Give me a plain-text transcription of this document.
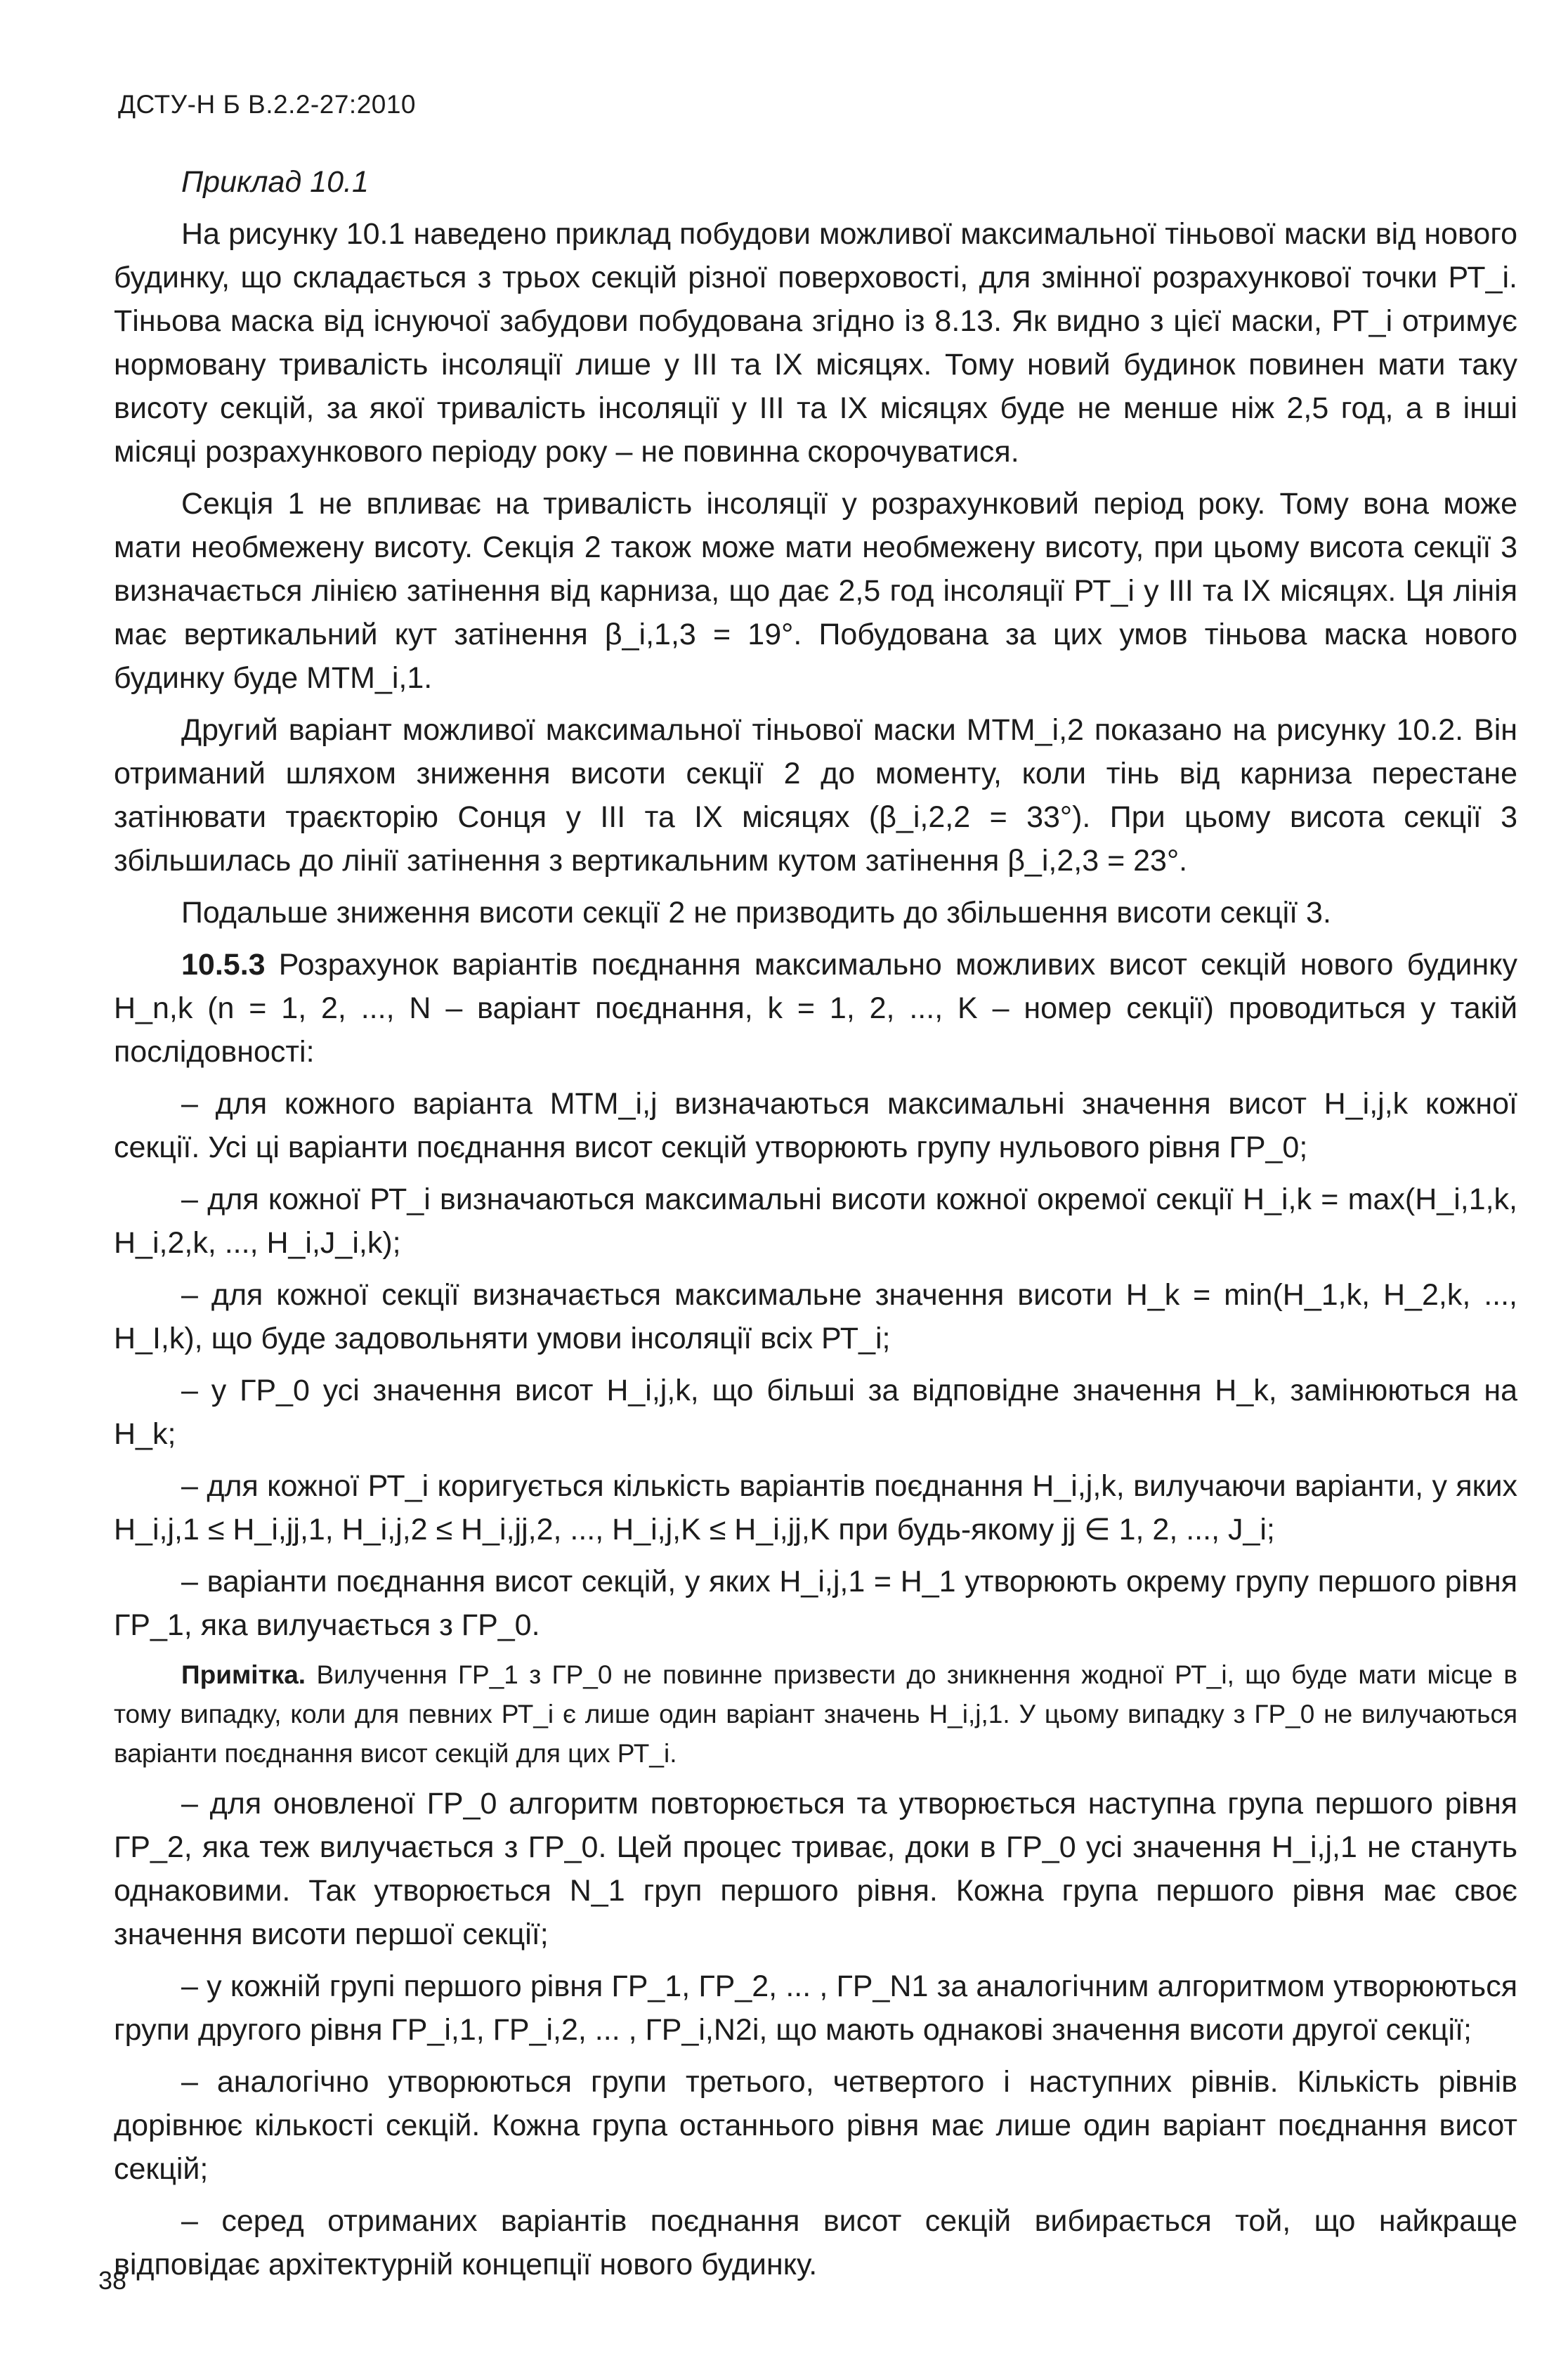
ДСТУ-Н Б В.2.2-27:2010

Приклад 10.1

На рисунку 10.1 наведено приклад побудови можливої максимальної тіньової маски від нового будинку, що складається з трьох секцій різної поверховості, для змінної розрахункової точки РТ_i. Тіньова маска від існуючої забудови побудована згідно із 8.13. Як видно з цієї маски, РТ_i отримує нормовану тривалість інсоляції лише у III та IX місяцях. Тому новий будинок повинен мати таку висоту секцій, за якої тривалість інсоляції у III та IX місяцях буде не менше ніж 2,5 год, а в інші місяці розрахункового періоду року – не повинна скорочуватися.

Секція 1 не впливає на тривалість інсоляції у розрахунковий період року. Тому вона може мати необмежену висоту. Секція 2 також може мати необмежену висоту, при цьому висота секції 3 визначається лінією затінення від карниза, що дає 2,5 год інсоляції РТ_i у III та IX місяцях. Ця лінія має вертикальний кут затінення β_i,1,3 = 19°. Побудована за цих умов тіньова маска нового будинку буде МТМ_i,1.

Другий варіант можливої максимальної тіньової маски МТМ_i,2 показано на рисунку 10.2. Він отриманий шляхом зниження висоти секції 2 до моменту, коли тінь від карниза перестане затінювати траєкторію Сонця у III та IX місяцях (β_i,2,2 = 33°). При цьому висота секції 3 збільшилась до лінії затінення з вертикальним кутом затінення β_i,2,3 = 23°.

Подальше зниження висоти секції 2 не призводить до збільшення висоти секції 3.

10.5.3 Розрахунок варіантів поєднання максимально можливих висот секцій нового будинку H_n,k (n = 1, 2, ..., N – варіант поєднання, k = 1, 2, ..., K – номер секції) проводиться у такій послідовності:

– для кожного варіанта МТМ_i,j визначаються максимальні значення висот H_i,j,k кожної секції. Усі ці варіанти поєднання висот секцій утворюють групу нульового рівня ГР_0;

– для кожної РТ_i визначаються максимальні висоти кожної окремої секції H_i,k = max(H_i,1,k, H_i,2,k, ..., H_i,J_i,k);

– для кожної секції визначається максимальне значення висоти H_k = min(H_1,k, H_2,k, ..., H_I,k), що буде задовольняти умови інсоляції всіх РТ_i;

– у ГР_0 усі значення висот H_i,j,k, що більші за відповідне значення H_k, замінюються на H_k;

– для кожної РТ_i коригується кількість варіантів поєднання H_i,j,k, вилучаючи варіанти, у яких H_i,j,1 ≤ H_i,jj,1, H_i,j,2 ≤ H_i,jj,2, ..., H_i,j,K ≤ H_i,jj,K при будь-якому jj ∈ 1, 2, ..., J_i;

– варіанти поєднання висот секцій, у яких H_i,j,1 = H_1 утворюють окрему групу першого рівня ГР_1, яка вилучається з ГР_0.

Примітка. Вилучення ГР_1 з ГР_0 не повинне призвести до зникнення жодної РТ_i, що буде мати місце в тому випадку, коли для певних РТ_i є лише один варіант значень H_i,j,1. У цьому випадку з ГР_0 не вилучаються варіанти поєднання висот секцій для цих РТ_i.

– для оновленої ГР_0 алгоритм повторюється та утворюється наступна група першого рівня ГР_2, яка теж вилучається з ГР_0. Цей процес триває, доки в ГР_0 усі значення H_i,j,1 не стануть однаковими. Так утворюється N_1 груп першого рівня. Кожна група першого рівня має своє значення висоти першої секції;

– у кожній групі першого рівня ГР_1, ГР_2, ... , ГР_N1 за аналогічним алгоритмом утворюються групи другого рівня ГР_i,1, ГР_i,2, ... , ГР_i,N2i, що мають однакові значення висоти другої секції;

– аналогічно утворюються групи третього, четвертого і наступних рівнів. Кількість рівнів дорівнює кількості секцій. Кожна група останнього рівня має лише один варіант поєднання висот секцій;

– серед отриманих варіантів поєднання висот секцій вибирається той, що найкраще відповідає архітектурній концепції нового будинку.

38
